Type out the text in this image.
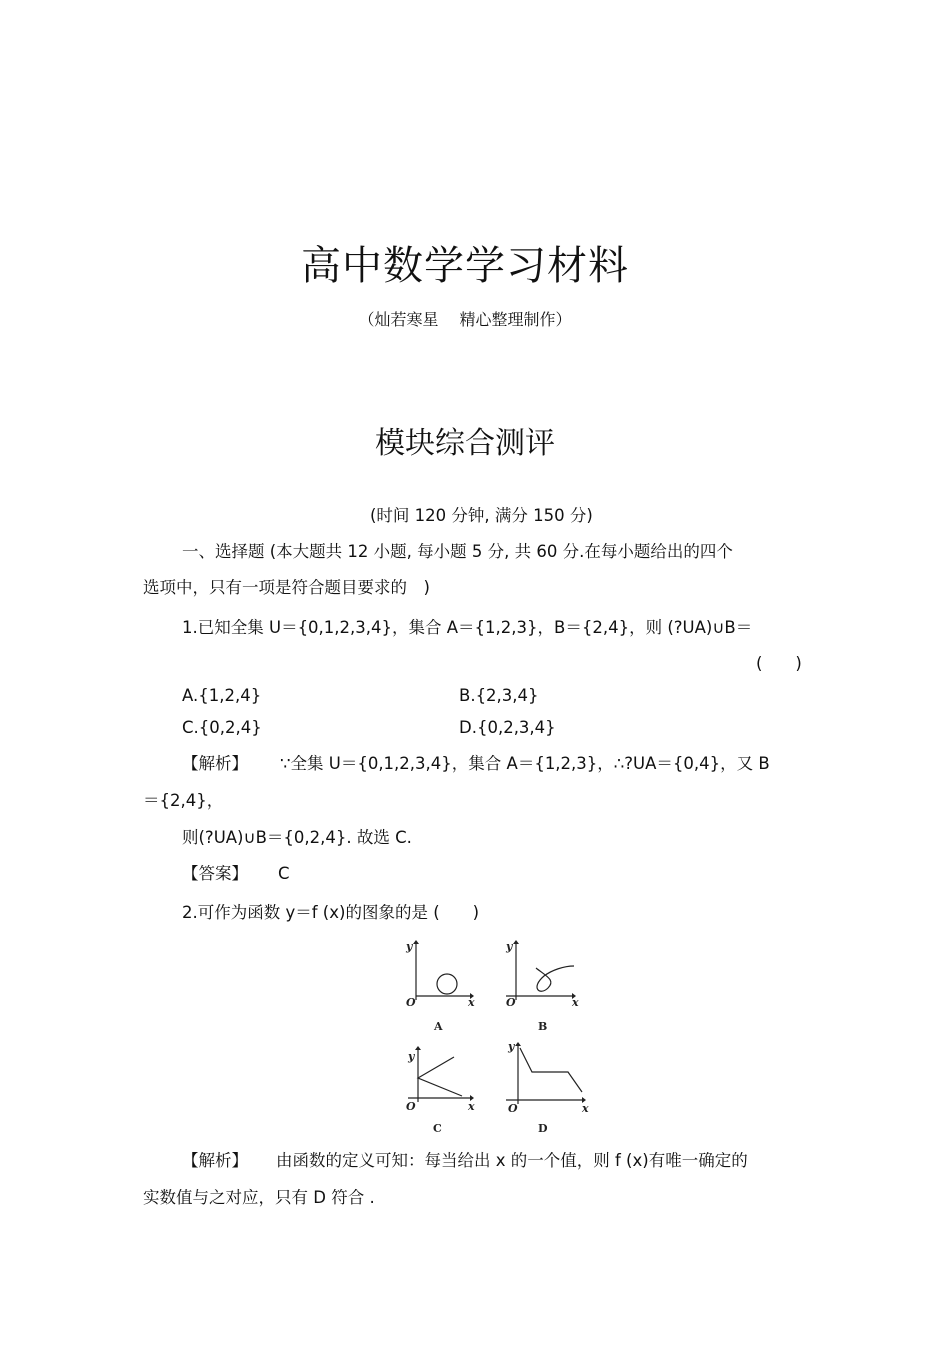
高中数学学习材料
（灿若寒星　 精心整理制作）
模块综合测评
(时间 120 分钟, 满分 150 分)
一、选择题 (本大题共 12 小题, 每小题 5 分, 共 60 分.在每小题给出的四个
选项中，只有一项是符合题目要求的　)
1.已知全集 U＝{0,1,2,3,4}，集合 A＝{1,2,3}，B＝{2,4}，则 (?UA)∪B＝
(　　)
A.{1,2,4}	B.{2,3,4}
C.{0,2,4}	D.{0,2,3,4}
【解析】 ∵全集 U＝{0,1,2,3,4}，集合 A＝{1,2,3}，∴?UA＝{0,4}，又 B
＝{2,4}，
则(?UA)∪B＝{0,2,4}. 故选 C.
【答案】 C
2.可作为函数 y＝f (x)的图象的是 (　　)
y
x
O
A
y
x
O
B
y
x
O
C
y
x
O
D
【解析】 由函数的定义可知：每当给出 x 的一个值，则 f (x)有唯一确定的
实数值与之对应，只有 D 符合 .
